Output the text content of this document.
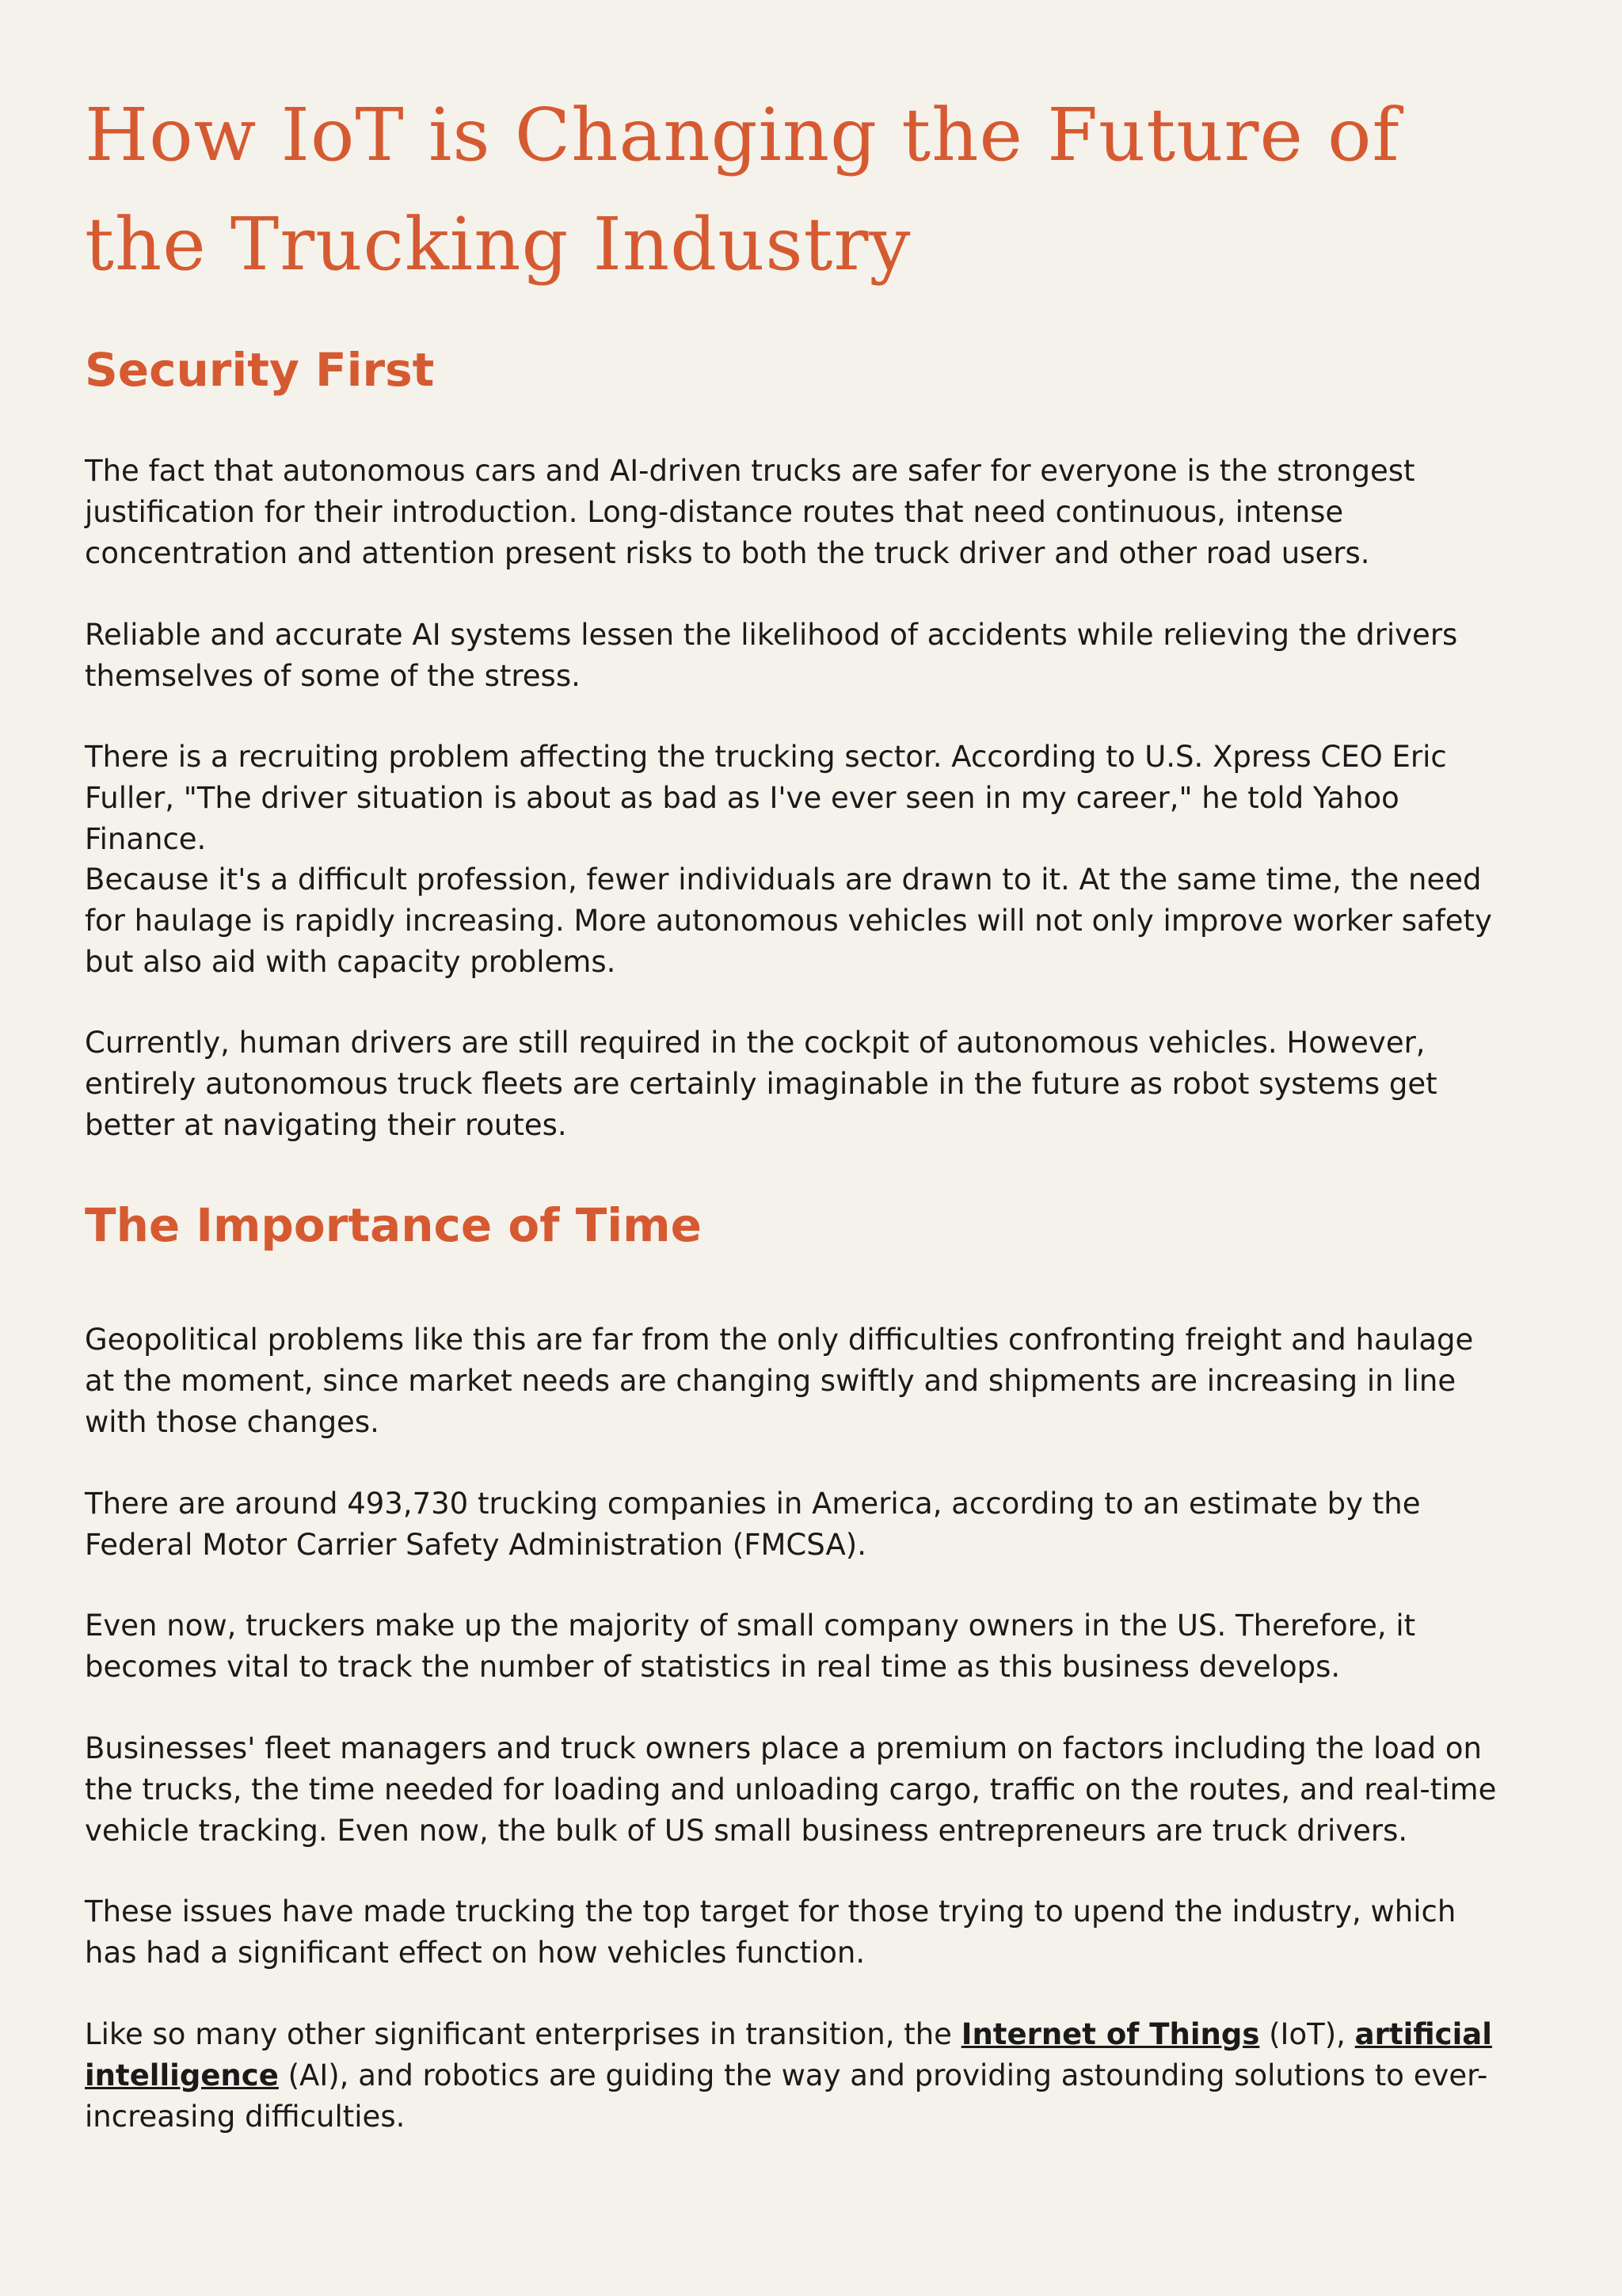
How IoT is Changing the Future of the Trucking Industry
Security First

The fact that autonomous cars and AI-driven trucks are safer for everyone is the strongest justification for their introduction. Long-distance routes that need continuous, intense concentration and attention present risks to both the truck driver and other road users.

Reliable and accurate AI systems lessen the likelihood of accidents while relieving the drivers themselves of some of the stress.

There is a recruiting problem affecting the trucking sector. According to U.S. Xpress CEO Eric Fuller, "The driver situation is about as bad as I've ever seen in my career," he told Yahoo Finance.

Because it's a difficult profession, fewer individuals are drawn to it. At the same time, the need for haulage is rapidly increasing. More autonomous vehicles will not only improve worker safety but also aid with capacity problems.

Currently, human drivers are still required in the cockpit of autonomous vehicles. However, entirely autonomous truck fleets are certainly imaginable in the future as robot systems get better at navigating their routes.

The Importance of Time

Geopolitical problems like this are far from the only difficulties confronting freight and haulage at the moment, since market needs are changing swiftly and shipments are increasing in line with those changes.

There are around 493,730 trucking companies in America, according to an estimate by the Federal Motor Carrier Safety Administration (FMCSA).

Even now, truckers make up the majority of small company owners in the US. Therefore, it becomes vital to track the number of statistics in real time as this business develops.

Businesses' fleet managers and truck owners place a premium on factors including the load on the trucks, the time needed for loading and unloading cargo, traffic on the routes, and real-time vehicle tracking. Even now, the bulk of US small business entrepreneurs are truck drivers.

These issues have made trucking the top target for those trying to upend the industry, which has had a significant effect on how vehicles function.

Like so many other significant enterprises in transition, the Internet of Things (IoT), artificial intelligence (AI), and robotics are guiding the way and providing astounding solutions to ever-increasing difficulties.
